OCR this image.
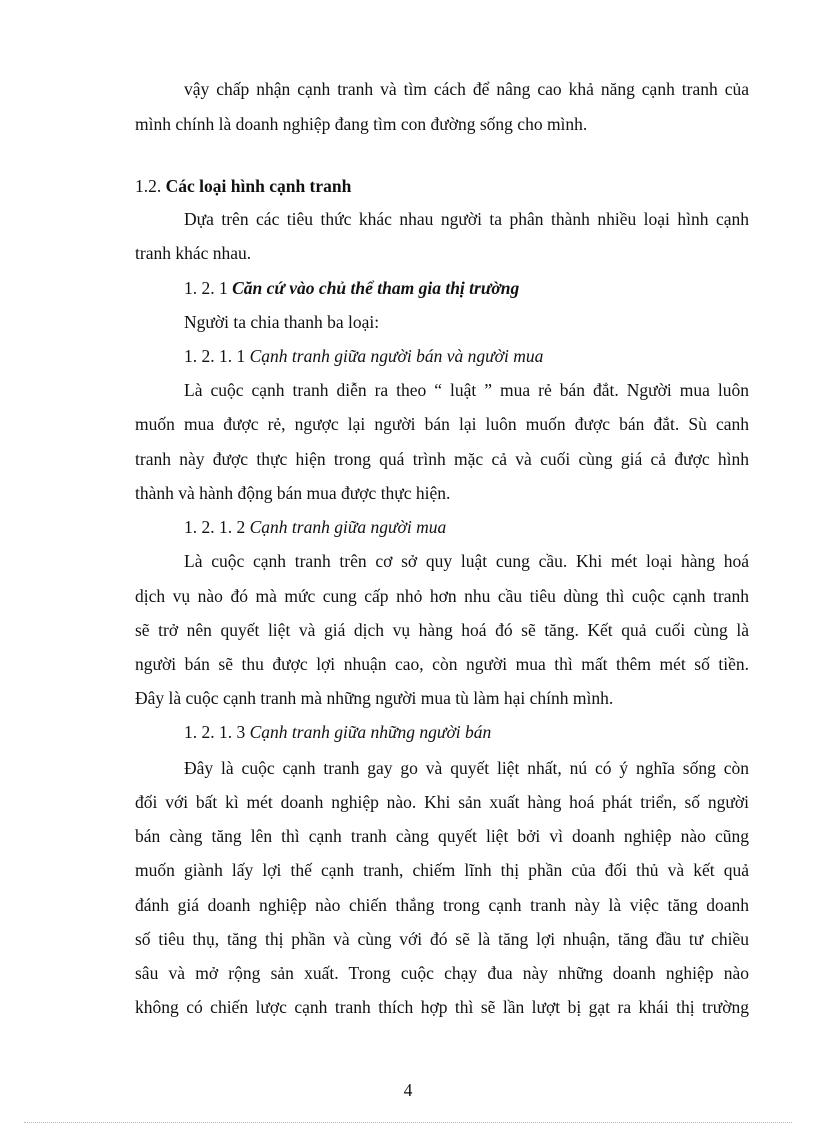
vậy chấp nhận cạnh tranh và tìm cách để nâng cao khả năng cạnh tranh của
mình chính là doanh nghiệp đang tìm con đường sống cho mình.
1.2. Các loại hình cạnh tranh
Dựa trên các tiêu thức khác nhau người ta phân thành nhiều loại hình cạnh
tranh khác nhau.
1. 2. 1 Căn cứ vào chủ thể tham gia thị trường
Người ta chia thanh ba loại:
1. 2. 1. 1 Cạnh tranh giữa người bán và người mua
Là cuộc cạnh tranh diễn ra theo “ luật ” mua rẻ bán đắt. Người mua luôn
muốn mua được rẻ, ngược lại người bán lại luôn muốn được bán đắt. Sù canh
tranh này được thực hiện trong quá trình mặc cả và cuối cùng giá cả được hình
thành và hành động bán mua được thực hiện.
1. 2. 1. 2 Cạnh tranh giữa người mua
Là cuộc cạnh tranh trên cơ sở quy luật cung cầu. Khi mét loại hàng hoá
dịch vụ nào đó mà mức cung cấp nhỏ hơn nhu cầu tiêu dùng thì cuộc cạnh tranh
sẽ trở nên quyết liệt và giá dịch vụ hàng hoá đó sẽ tăng. Kết quả cuối cùng là
người bán sẽ thu được lợi nhuận cao, còn người mua thì mất thêm mét số tiền.
Đây là cuộc cạnh tranh mà những người mua tù làm hại chính mình.
1. 2. 1. 3 Cạnh tranh giữa những người bán
Đây là cuộc cạnh tranh gay go và quyết liệt nhất, nú có ý nghĩa sống còn
đối với bất kì mét doanh nghiệp nào. Khi sản xuất hàng hoá phát triển, số người
bán càng tăng lên thì cạnh tranh càng quyết liệt bởi vì doanh nghiệp nào cũng
muốn giành lấy lợi thế cạnh tranh, chiếm lĩnh thị phần của đối thủ và kết quả
đánh giá doanh nghiệp nào chiến thắng trong cạnh tranh này là việc tăng doanh
số tiêu thụ, tăng thị phần và cùng với đó sẽ là tăng lợi nhuận, tăng đầu tư chiều
sâu và mở rộng sản xuất. Trong cuộc chạy đua này những doanh nghiệp nào
không có chiến lược cạnh tranh thích hợp thì sẽ lần lượt bị gạt ra khái thị trường
4
